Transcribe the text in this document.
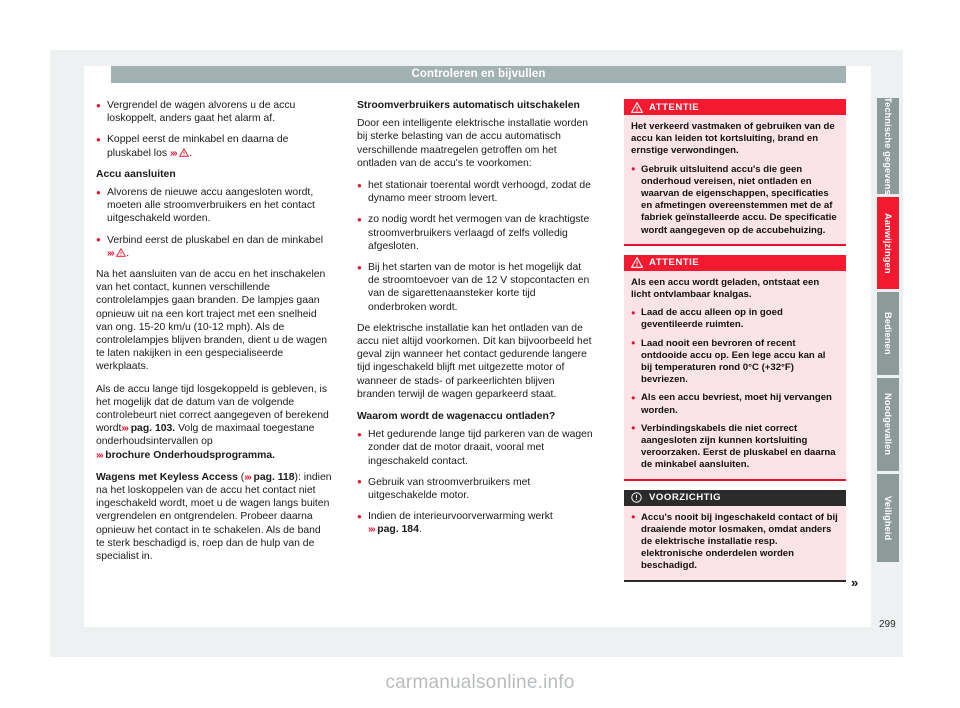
Controleren en bijvullen
● Vergrendel de wagen alvorens u de accu loskoppelt, anders gaat het alarm af.
● Koppel eerst de minkabel en daarna de pluskabel los ››› .
Accu aansluiten
● Alvorens de nieuwe accu aangesloten wordt, moeten alle stroomverbruikers en het contact uitgeschakeld worden.
● Verbind eerst de pluskabel en dan de minkabel ››› .
Na het aansluiten van de accu en het inschakelen van het contact, kunnen verschillende controlelampjes gaan branden. De lampjes gaan opnieuw uit na een kort traject met een snelheid van ong. 15-20 km/u (10-12 mph). Als de controlelampjes blijven branden, dient u de wagen te laten nakijken in een gespecialiseerde werkplaats.
Als de accu lange tijd losgekoppeld is gebleven, is het mogelijk dat de datum van de volgende controlebeurt niet correct aangegeven of berekend wordt››› pag. 103. Volg de maximaal toegestane onderhoudsintervallen op ››› brochure Onderhoudsprogramma.
Wagens met Keyless Access (››› pag. 118): indien na het loskoppelen van de accu het contact niet ingeschakeld wordt, moet u de wagen langs buiten vergrendelen en ontgrendelen. Probeer daarna opnieuw het contact in te schakelen. Als de band te sterk beschadigd is, roep dan de hulp van de specialist in.
Stroomverbruikers automatisch uitschakelen
Door een intelligente elektrische installatie worden bij sterke belasting van de accu automatisch verschillende maatregelen getroffen om het ontladen van de accu's te voorkomen:
● het stationair toerental wordt verhoogd, zodat de dynamo meer stroom levert.
● zo nodig wordt het vermogen van de krachtigste stroomverbruikers verlaagd of zelfs volledig afgesloten.
● Bij het starten van de motor is het mogelijk dat de stroomtoevoer van de 12 V stopcontacten en van de sigarettenaansteker korte tijd onderbroken wordt.
De elektrische installatie kan het ontladen van de accu niet altijd voorkomen. Dit kan bijvoorbeeld het geval zijn wanneer het contact gedurende langere tijd ingeschakeld blijft met uitgezette motor of wanneer de stads- of parkeerlichten blijven branden terwijl de wagen geparkeerd staat.
Waarom wordt de wagenaccu ontladen?
● Het gedurende lange tijd parkeren van de wagen zonder dat de motor draait, vooral met ingeschakeld contact.
● Gebruik van stroomverbruikers met uitgeschakelde motor.
● Indien de interieurvoorverwarming werkt
››› pag. 184.
ATTENTIE
Het verkeerd vastmaken of gebruiken van de accu kan leiden tot kortsluiting, brand en ernstige verwondingen.
● Gebruik uitsluitend accu's die geen onderhoud vereisen, niet ontladen en waarvan de eigenschappen, specificaties en afmetingen overeenstemmen met de af fabriek geïnstalleerde accu. De specificatie wordt aangegeven op de accubehuizing.
ATTENTIE
Als een accu wordt geladen, ontstaat een licht ontvlambaar knalgas.
● Laad de accu alleen op in goed geventileerde ruimten.
● Laad nooit een bevroren of recent ontdooide accu op. Een lege accu kan al bij temperaturen rond 0°C (+32°F) bevriezen.
● Als een accu bevriest, moet hij vervangen worden.
● Verbindingskabels die niet correct aangesloten zijn kunnen kortsluiting veroorzaken. Eerst de pluskabel en daarna de minkabel aansluiten.
VOORZICHTIG
● Accu's nooit bij ingeschakeld contact of bij draaiende motor losmaken, omdat anders de elektrische installatie resp. elektronische onderdelen worden beschadigd.
»
Technische gegevens
Aanwijzingen
Bedienen
Noodgevallen
Veiligheid
299
carmanualsonline.info
